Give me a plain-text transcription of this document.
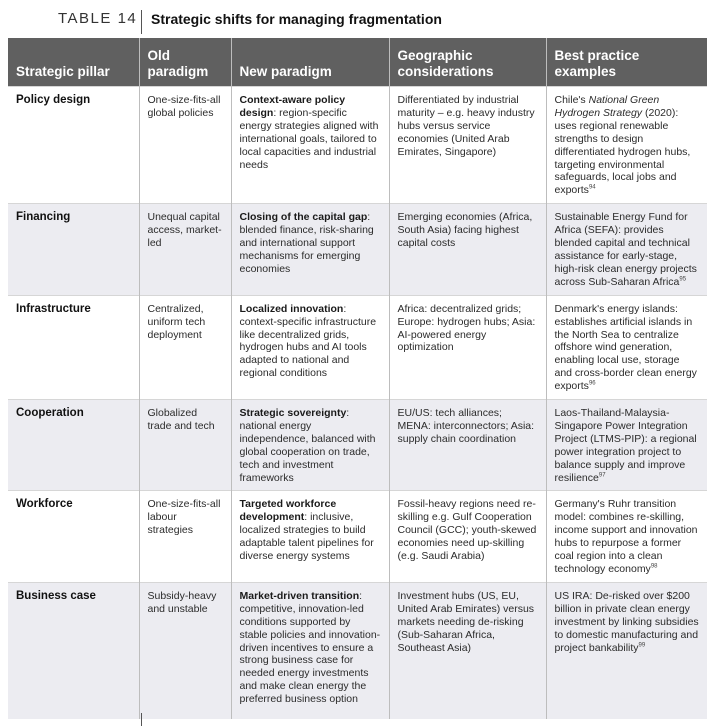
TABLE 14 Strategic shifts for managing fragmentation
Strategic pillar	Old paradigm	New paradigm	Geographic considerations	Best practice examples
Policy design	One-size-fits-all global policies	Context-aware policy design: region-specific energy strategies aligned with international goals, tailored to local capacities and industrial needs	Differentiated by industrial maturity – e.g. heavy industry hubs versus service economies (United Arab Emirates, Singapore)	Chile's National Green Hydrogen Strategy (2020): uses regional renewable strengths to design differentiated hydrogen hubs, targeting environmental safeguards, local jobs and exports$^{94}$
Financing	Unequal capital access, market-led	Closing of the capital gap: blended finance, risk-sharing and international support mechanisms for emerging economies	Emerging economies (Africa, South Asia) facing highest capital costs	Sustainable Energy Fund for Africa (SEFA): provides blended capital and technical assistance for early-stage, high-risk clean energy projects across Sub-Saharan Africa$^{95}$
Infrastructure	Centralized, uniform tech deployment	Localized innovation: context-specific infrastructure like decentralized grids, hydrogen hubs and AI tools adapted to national and regional conditions	Africa: decentralized grids; Europe: hydrogen hubs; Asia: AI-powered energy optimization	Denmark's energy islands: establishes artificial islands in the North Sea to centralize offshore wind generation, enabling local use, storage and cross-border clean energy exports$^{96}$
Cooperation	Globalized trade and tech	Strategic sovereignty: national energy independence, balanced with global cooperation on trade, tech and investment frameworks	EU/US: tech alliances; MENA: interconnectors; Asia: supply chain coordination	Laos-Thailand-Malaysia-Singapore Power Integration Project (LTMS-PIP): a regional power integration project to balance supply and improve resilience$^{97}$
Workforce	One-size-fits-all labour strategies	Targeted workforce development: inclusive, localized strategies to build adaptable talent pipelines for diverse energy systems	Fossil-heavy regions need re-skilling e.g. Gulf Cooperation Council (GCC); youth-skewed economies need up-skilling (e.g. Saudi Arabia)	Germany's Ruhr transition model: combines re-skilling, income support and innovation hubs to repurpose a former coal region into a clean technology economy$^{98}$
Business case	Subsidy-heavy and unstable	Market-driven transition: competitive, innovation-led conditions supported by stable policies and innovation-driven incentives to ensure a strong business case for needed energy investments and make clean energy the preferred business option	Investment hubs (US, EU, United Arab Emirates) versus markets needing de-risking (Sub-Saharan Africa, Southeast Asia)	US IRA: De-risked over $200 billion in private clean energy investment by linking subsidies to domestic manufacturing and project bankability$^{99}$
